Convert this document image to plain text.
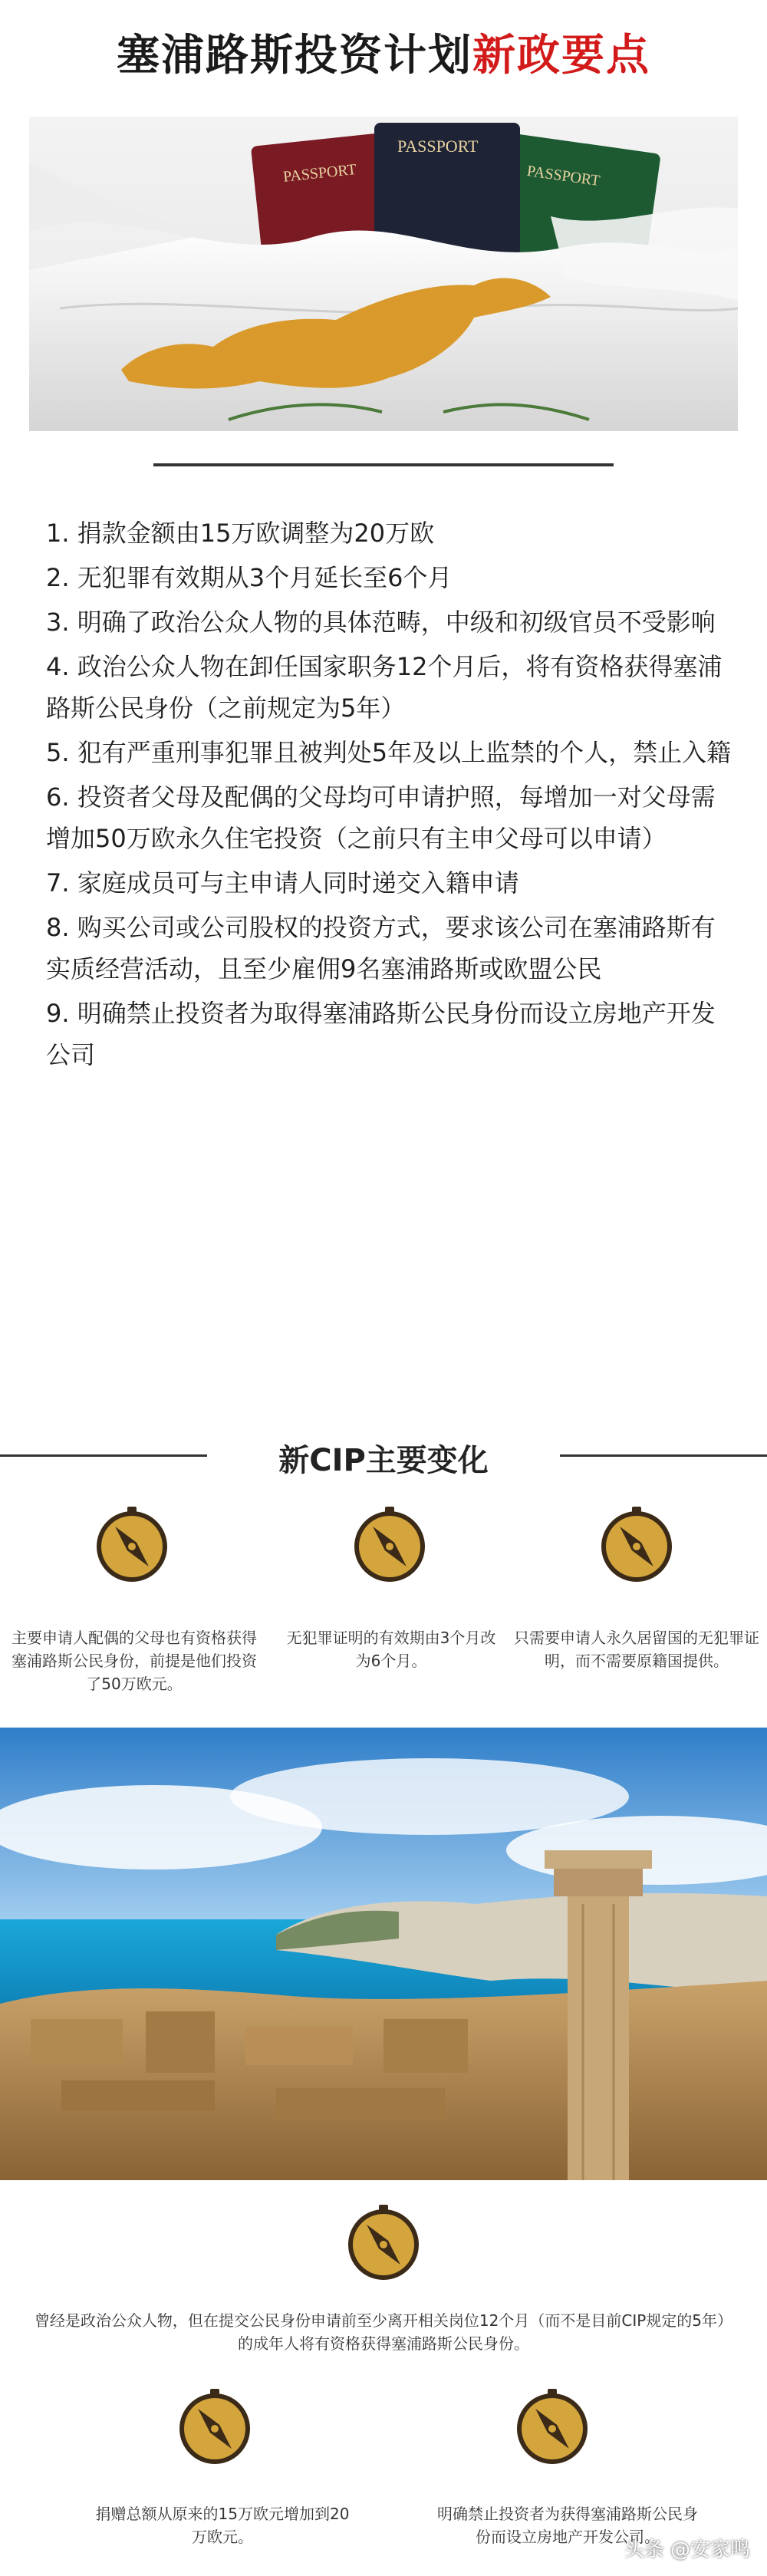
塞浦路斯投资计划新政要点
PASSPORT	PASSPORT
PASSPORT
1. 捐款金额由15万欧调整为20万欧
2. 无犯罪有效期从3个月延长至6个月
3. 明确了政治公众人物的具体范畴，中级和初级官员不受影响
4. 政治公众人物在卸任国家职务12个月后，将有资格获得塞浦路斯公民身份（之前规定为5年）
5. 犯有严重刑事犯罪且被判处5年及以上监禁的个人，禁止入籍
6. 投资者父母及配偶的父母均可申请护照，每增加一对父母需增加50万欧永久住宅投资（之前只有主申父母可以申请）
7. 家庭成员可与主申请人同时递交入籍申请
8. 购买公司或公司股权的投资方式，要求该公司在塞浦路斯有实质经营活动，且至少雇佣9名塞浦路斯或欧盟公民
9. 明确禁止投资者为取得塞浦路斯公民身份而设立房地产开发公司
新CIP主要变化
主要申请人配偶的父母也有资格获得塞浦路斯公民身份，前提是他们投资了50万欧元。
无犯罪证明的有效期由3个月改为6个月。
只需要申请人永久居留国的无犯罪证明，而不需要原籍国提供。
曾经是政治公众人物，但在提交公民身份申请前至少离开相关岗位12个月（而不是目前CIP规定的5年）的成年人将有资格获得塞浦路斯公民身份。
捐赠总额从原来的15万欧元增加到20万欧元。
明确禁止投资者为获得塞浦路斯公民身份而设立房地产开发公司。
头条 @安家鸣
